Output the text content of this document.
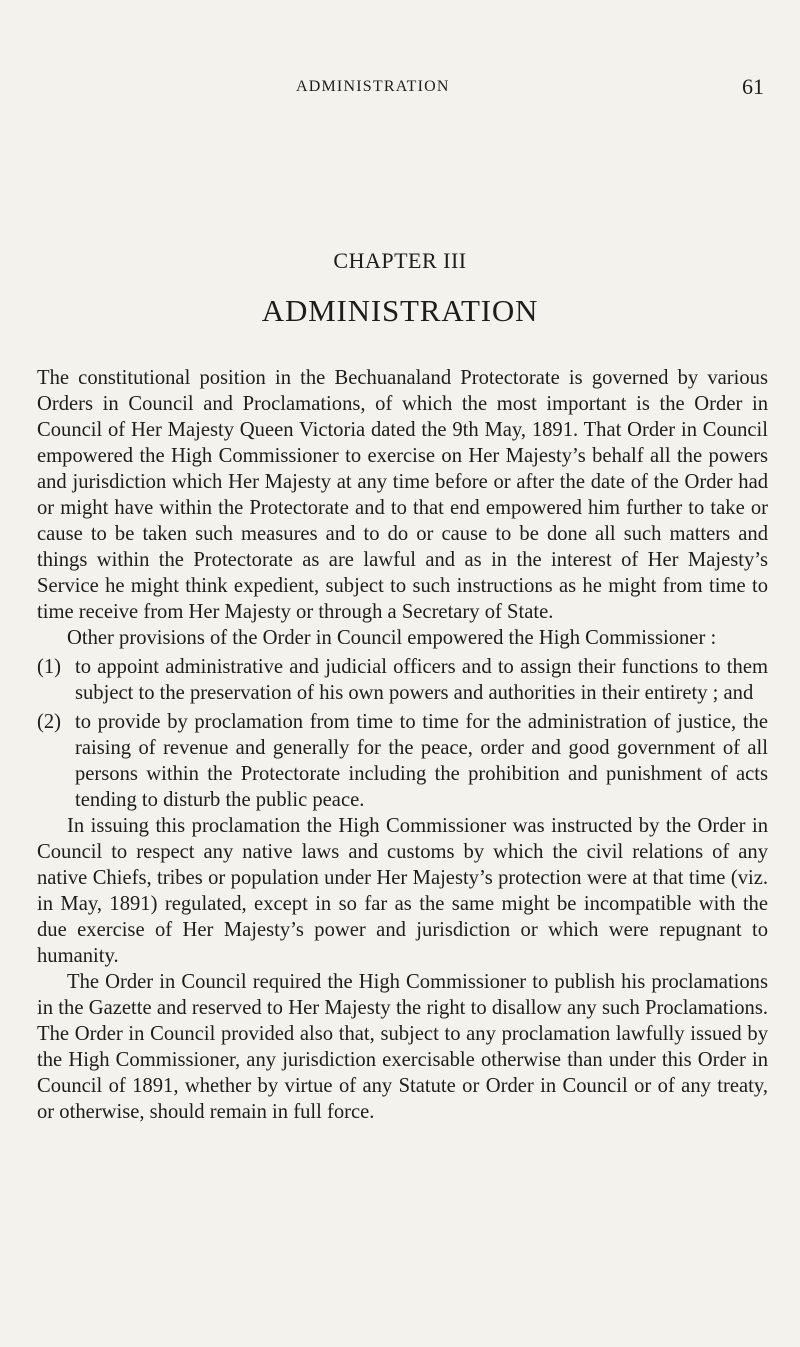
ADMINISTRATION	61
CHAPTER III
ADMINISTRATION

The constitutional position in the Bechuanaland Protectorate is governed by various Orders in Council and Proclamations, of which the most important is the Order in Council of Her Majesty Queen Victoria dated the 9th May, 1891. That Order in Council empowered the High Commissioner to exercise on Her Majesty’s behalf all the powers and jurisdiction which Her Majesty at any time before or after the date of the Order had or might have within the Protectorate and to that end empowered him further to take or cause to be taken such measures and to do or cause to be done all such matters and things within the Protectorate as are lawful and as in the interest of Her Majesty’s Service he might think expedient, subject to such instructions as he might from time to time receive from Her Majesty or through a Secretary of State.

Other provisions of the Order in Council empowered the High Commissioner :

(1) to appoint administrative and judicial officers and to assign their functions to them subject to the preservation of his own powers and authorities in their entirety ; and
(2) to provide by proclamation from time to time for the administration of justice, the raising of revenue and generally for the peace, order and good government of all persons within the Protectorate including the prohibition and punishment of acts tending to disturb the public peace.

In issuing this proclamation the High Commissioner was instructed by the Order in Council to respect any native laws and customs by which the civil relations of any native Chiefs, tribes or population under Her Majesty’s protection were at that time (viz. in May, 1891) regulated, except in so far as the same might be incompatible with the due exercise of Her Majesty’s power and jurisdiction or which were repugnant to humanity.

The Order in Council required the High Commissioner to publish his proclamations in the Gazette and reserved to Her Majesty the right to disallow any such Proclamations. The Order in Council provided also that, subject to any proclamation lawfully issued by the High Commissioner, any jurisdiction exercisable otherwise than under this Order in Council of 1891, whether by virtue of any Statute or Order in Council or of any treaty, or otherwise, should remain in full force.
